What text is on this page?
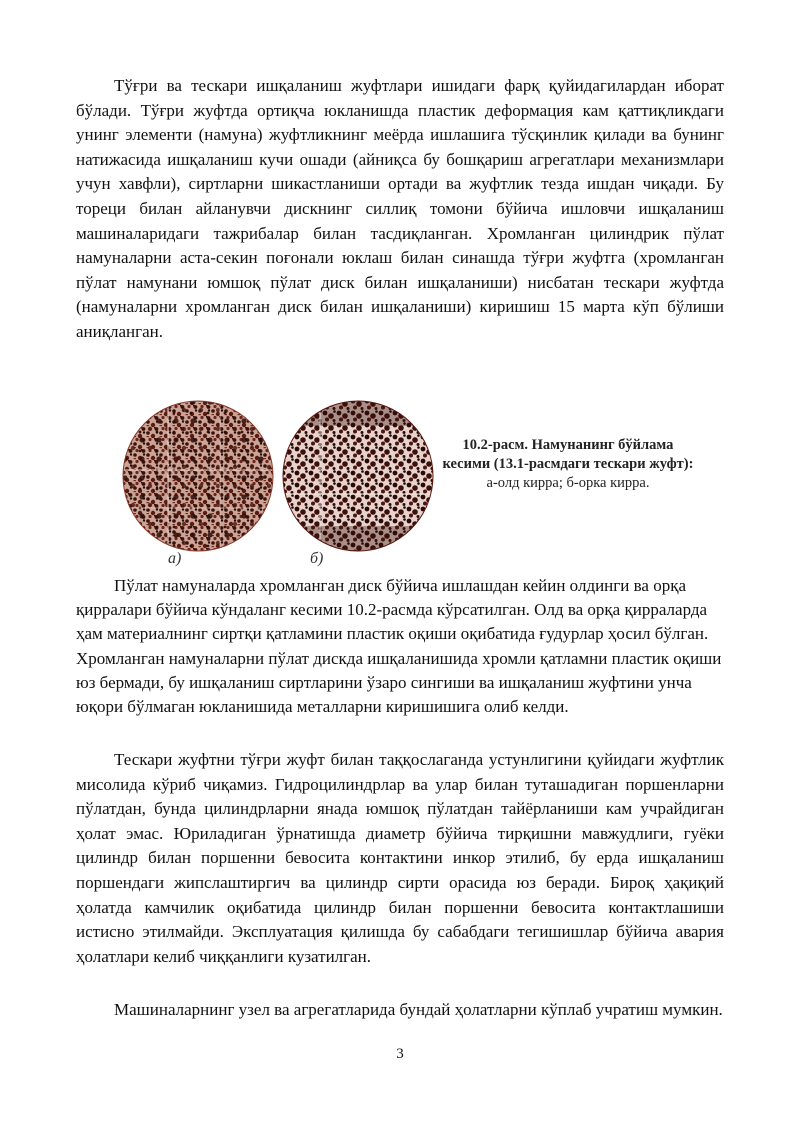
Тўғри ва тескари ишқаланиш жуфтлари ишидаги фарқ қуйидагилардан иборат бўлади. Тўғри жуфтда ортиқча юкланишда пластик деформация кам қаттиқликдаги унинг элементи (намуна) жуфтликнинг меёрда ишлашига тўсқинлик қилади ва бунинг натижасида ишқаланиш кучи ошади (айниқса бу бошқариш агрегатлари механизмлари учун хавфли), сиртларни шикастланиши ортади ва жуфтлик тезда ишдан чиқади. Бу тореци билан айланувчи дискнинг силлиқ томони бўйича ишловчи ишқаланиш машиналаридаги тажрибалар билан тасдиқланган. Хромланган цилиндрик пўлат намуналарни аста-секин поғонали юклаш билан синашда тўғри жуфтга (хромланган пўлат намунани юмшоқ пўлат диск билан ишқаланиши) нисбатан тескари жуфтда (намуналарни хромланган диск билан ишқаланиши) киришиш 15 марта кўп бўлиши аниқланган.

а)	б)
10.2-расм. Намунанинг бўйлама кесими (13.1-расмдаги тескари жуфт):
а-олд кирра; б-орка кирра.

Пўлат намуналарда хромланган диск бўйича ишлашдан кейин олдинги ва орқа қирралари бўйича кўндаланг кесими 10.2-расмда кўрсатилган. Олд ва орқа қирраларда ҳам материалнинг сиртқи қатламини пластик оқиши оқибатида ғудурлар ҳосил бўлган. Хромланган намуналарни пўлат дискда ишқаланишида хромли қатламни пластик оқиши юз бермади, бу ишқаланиш сиртларини ўзаро сингиши ва ишқаланиш жуфтини унча юқори бўлмаган юкланишида металларни киришишига олиб келди.

Тескари жуфтни тўғри жуфт билан таққослаганда устунлигини қуйидаги жуфтлик мисолида кўриб чиқамиз. Гидроцилиндрлар ва улар билан туташадиган поршенларни пўлатдан, бунда цилиндрларни янада юмшоқ пўлатдан тайёрланиши кам учрайдиган ҳолат эмас. Юриладиган ўрнатишда диаметр бўйича тирқишни мавжудлиги, гуёки цилиндр билан поршенни бевосита контактини инкор этилиб, бу ерда ишқаланиш поршендаги жипслаштиргич ва цилиндр сирти орасида юз беради. Бироқ ҳақиқий ҳолатда камчилик оқибатида цилиндр билан поршенни бевосита контактлашиши истисно этилмайди. Эксплуатация қилишда бу сабабдаги тегишишлар бўйича авария ҳолатлари келиб чиққанлиги кузатилган.

Машиналарнинг узел ва агрегатларида бундай ҳолатларни кўплаб учратиш мумкин.

3
